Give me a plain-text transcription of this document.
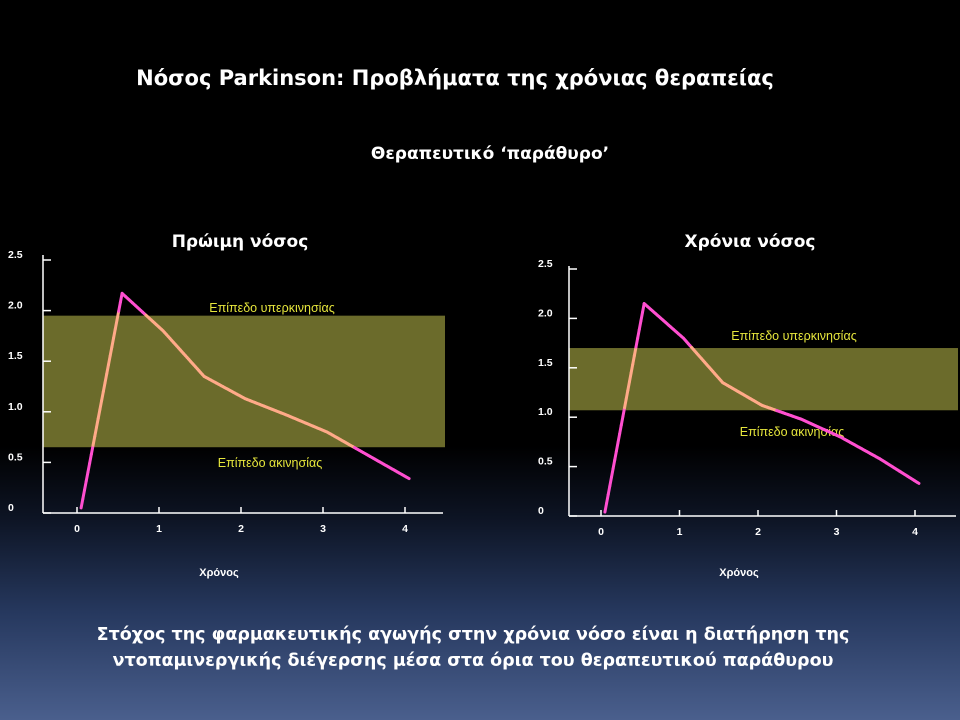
Νόσος Parkinson: Προβλήματα της χρόνιας θεραπείας
Θεραπευτικό ‘παράθυρο’
Πρώιμη νόσος	Χρόνια νόσος
0
0.5
1.0
1.5
2.0
2.5
0	1	2	3	4
Χρόνος
Επίπεδο υπερκινησίας
Επίπεδο ακινησίας
0
0.5
1.0
1.5
2.0
2.5
0	1	2	3	4
Χρόνος
Επίπεδο υπερκινησίας
Επίπεδο ακινησίας
Στόχος της φαρμακευτικής αγωγής στην χρόνια νόσο είναι η διατήρηση της
ντοπαμινεργικής διέγερσης μέσα στα όρια του θεραπευτικού παράθυρου
